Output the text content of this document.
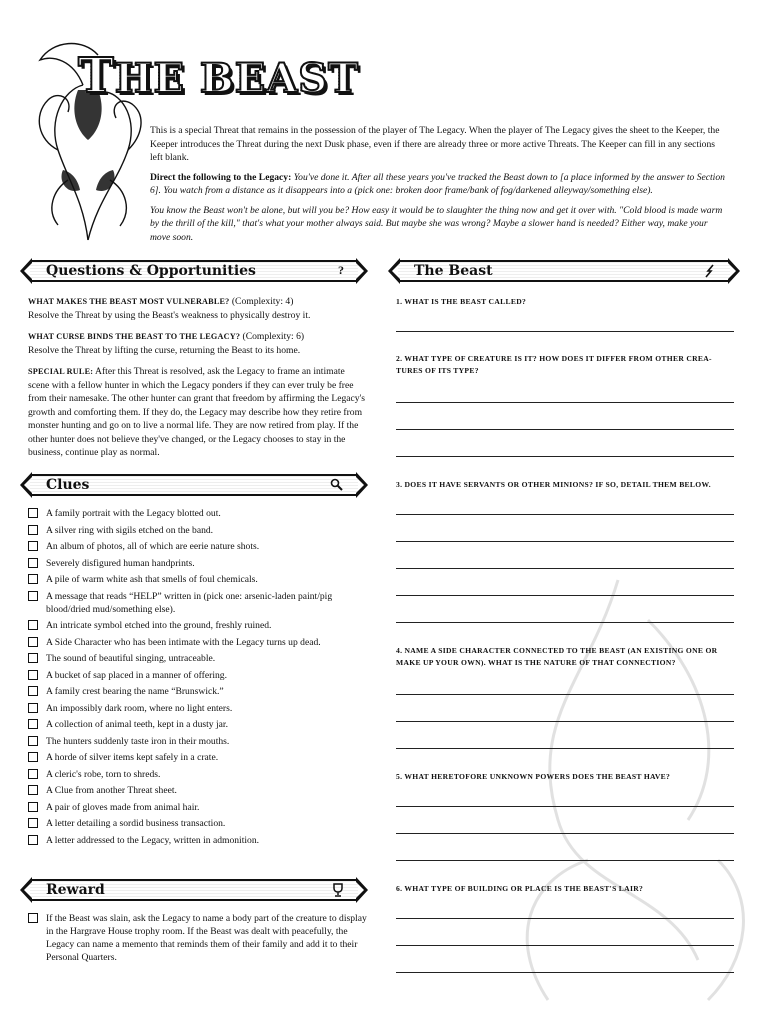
THE BEAST

This is a special Threat that remains in the possession of the player of The Legacy. When the player of The Legacy gives the sheet to the Keeper, the Keeper introduces the Threat during the next Dusk phase, even if there are already three or more active Threats. The Keeper can fill in any sections left blank.

Direct the following to the Legacy: You've done it. After all these years you've tracked the Beast down to [a place informed by the answer to Section 6]. You watch from a distance as it disappears into a (pick one: broken door frame/bank of fog/darkened alleyway/something else).

You know the Beast won't be alone, but will you be? How easy it would be to slaughter the thing now and get it over with. "Cold blood is made warm by the thrill of the kill," that's what your mother always said. But maybe she was wrong? Maybe a slower hand is needed? Either way, make your move soon.

Questions & Opportunities	?

WHAT MAKES THE BEAST MOST VULNERABLE? (Complexity: 4)
Resolve the Threat by using the Beast's weakness to physically destroy it.

WHAT CURSE BINDS THE BEAST TO THE LEGACY? (Complexity: 6)
Resolve the Threat by lifting the curse, returning the Beast to its home.

SPECIAL RULE: After this Threat is resolved, ask the Legacy to frame an intimate scene with a fellow hunter in which the Legacy ponders if they can ever truly be free from their namesake. The other hunter can grant that freedom by affirming the Legacy's growth and comforting them. If they do, the Legacy may describe how they retire from monster hunting and go on to live a normal life. They are now retired from play. If the other hunter does not believe they've changed, or the Legacy chooses to stay in the business, continue play as normal.

Clues
A family portrait with the Legacy blotted out.
A silver ring with sigils etched on the band.
An album of photos, all of which are eerie nature shots.
Severely disfigured human handprints.
A pile of warm white ash that smells of foul chemicals.
A message that reads “HELP” written in (pick one: arsenic-laden paint/pig blood/dried mud/something else).
An intricate symbol etched into the ground, freshly ruined.
A Side Character who has been intimate with the Legacy turns up dead.
The sound of beautiful singing, untraceable.
A bucket of sap placed in a manner of offering.
A family crest bearing the name “Brunswick.”
An impossibly dark room, where no light enters.
A collection of animal teeth, kept in a dusty jar.
The hunters suddenly taste iron in their mouths.
A horde of silver items kept safely in a crate.
A cleric's robe, torn to shreds.
A Clue from another Threat sheet.
A pair of gloves made from animal hair.
A letter detailing a sordid business transaction.
A letter addressed to the Legacy, written in admonition.
Reward
If the Beast was slain, ask the Legacy to name a body part of the creature to display in the Hargrave House trophy room. If the Beast was dealt with peacefully, the Legacy can name a memento that reminds them of their family and add it to their Personal Quarters.
The Beast
1. WHAT IS THE BEAST CALLED?
2. WHAT TYPE OF CREATURE IS IT? HOW DOES IT DIFFER FROM OTHER CREA- TURES OF ITS TYPE?
3. DOES IT HAVE SERVANTS OR OTHER MINIONS? IF SO, DETAIL THEM BELOW.
4. NAME A SIDE CHARACTER CONNECTED TO THE BEAST (AN EXISTING ONE OR MAKE UP YOUR OWN). WHAT IS THE NATURE OF THAT CONNECTION?
5. WHAT HERETOFORE UNKNOWN POWERS DOES THE BEAST HAVE?
6. WHAT TYPE OF BUILDING OR PLACE IS THE BEAST'S LAIR?
